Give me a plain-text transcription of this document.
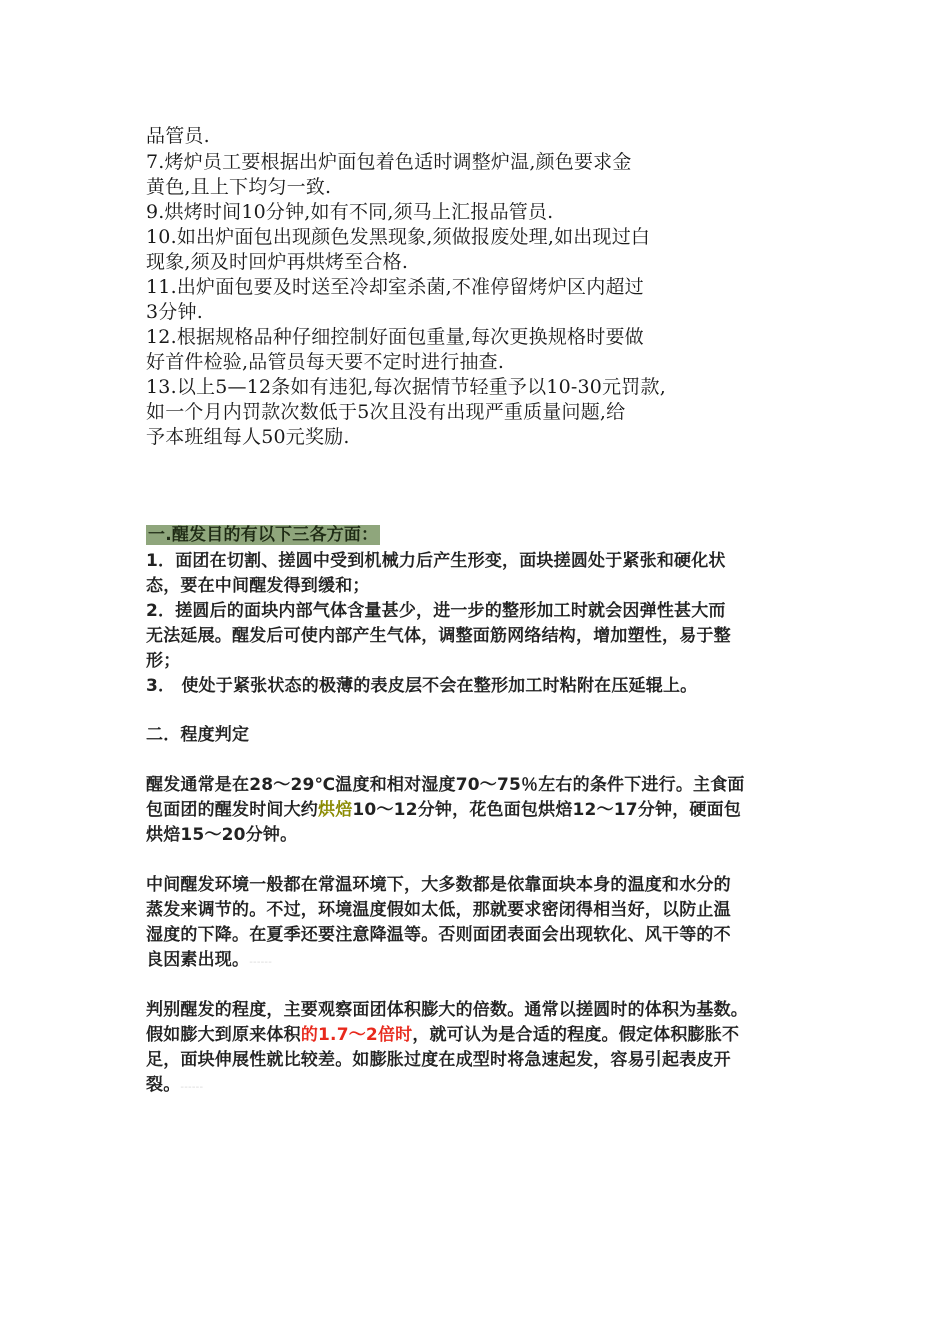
品管员.
7.烤炉员工要根据出炉面包着色适时调整炉温,颜色要求金
黄色,且上下均匀一致.
9.烘烤时间10分钟,如有不同,须马上汇报品管员.
10.如出炉面包出现颜色发黑现象,须做报废处理,如出现过白
现象,须及时回炉再烘烤至合格.
11.出炉面包要及时送至冷却室杀菌,不准停留烤炉区内超过
3分钟.
12.根据规格品种仔细控制好面包重量,每次更换规格时要做
好首件检验,品管员每天要不定时进行抽查.
13.以上5—12条如有违犯,每次据情节轻重予以10-30元罚款,
如一个月内罚款次数低于5次且没有出现严重质量问题,给
予本班组每人50元奖励.
一.醒发目的有以下三各方面：
1．面团在切割、搓圆中受到机械力后产生形变，面块搓圆处于紧张和硬化状
态，要在中间醒发得到缓和；
2．搓圆后的面块内部气体含量甚少，进一步的整形加工时就会因弹性甚大而
无法延展。醒发后可使内部产生气体，调整面筋网络结构，增加塑性，易于整
形；
3． 使处于紧张状态的极薄的表皮层不会在整形加工时粘附在压延辊上。
二．程度判定
醒发通常是在28～29℃温度和相对湿度70～75％左右的条件下进行。主食面
包面团的醒发时间大约烘焙10～12分钟，花色面包烘焙12～17分钟，硬面包
烘焙15～20分钟。
中间醒发环境一般都在常温环境下，大多数都是依靠面块本身的温度和水分的
蒸发来调节的。不过，环境温度假如太低，那就要求密闭得相当好，以防止温
湿度的下降。在夏季还要注意降温等。否则面团表面会出现软化、风干等的不
良因素出现。------
判别醒发的程度，主要观察面团体积膨大的倍数。通常以搓圆时的体积为基数。
假如膨大到原来体积的1.7～2倍时，就可认为是合适的程度。假定体积膨胀不
足，面块伸展性就比较差。如膨胀过度在成型时将急速起发，容易引起表皮开
裂。------
